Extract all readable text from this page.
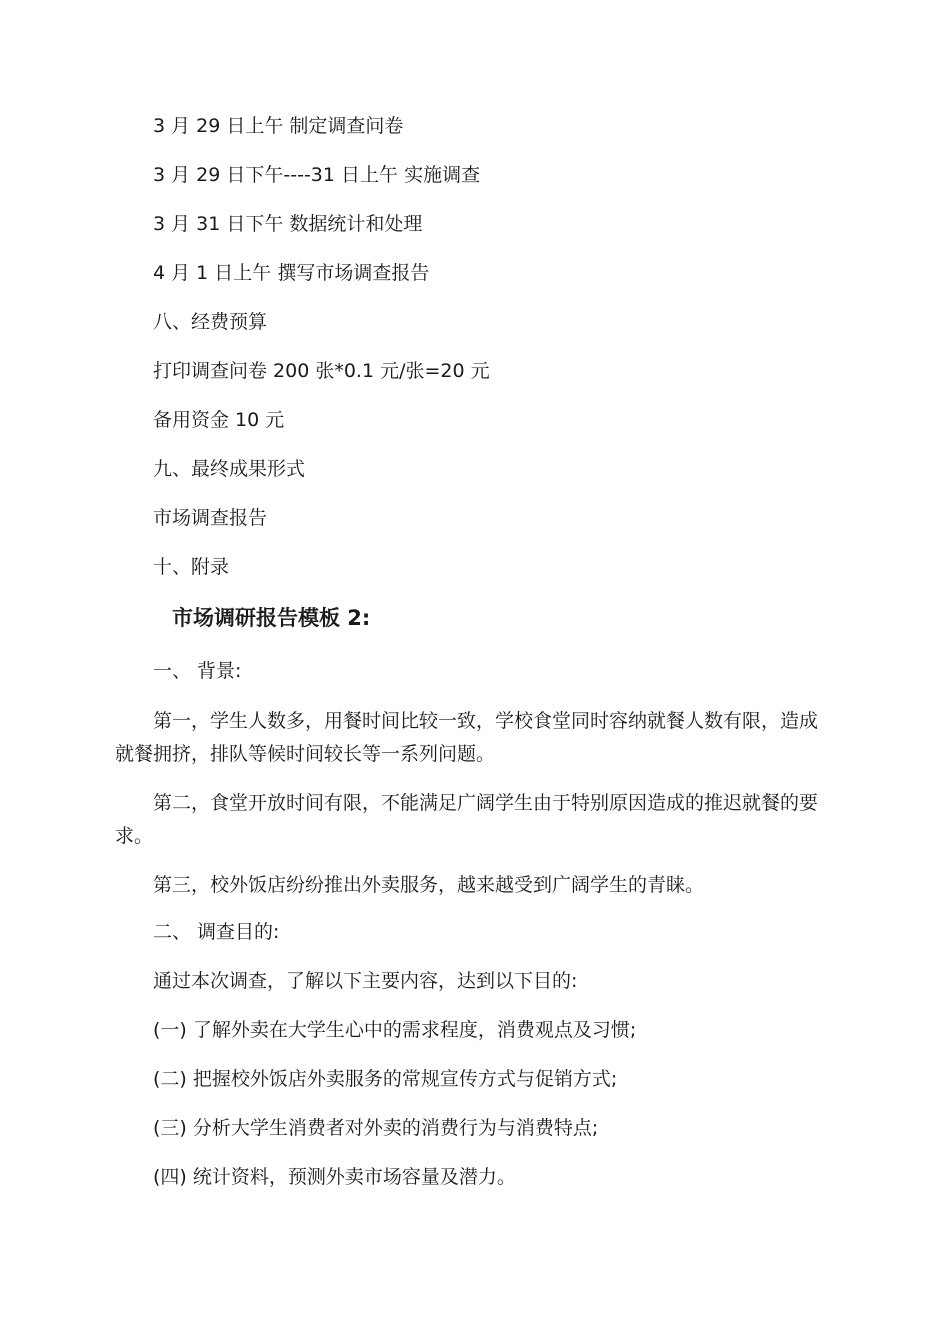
3 月 29 日上午 制定调查问卷
3 月 29 日下午----31 日上午 实施调查
3 月 31 日下午 数据统计和处理
4 月 1 日上午 撰写市场调查报告
八、经费预算
打印调查问卷 200 张*0.1 元/张=20 元
备用资金 10 元
九、最终成果形式
市场调查报告
十、附录
市场调研报告模板 2:
一、 背景:
第一，学生人数多，用餐时间比较一致，学校食堂同时容纳就餐人数有限，造成就餐拥挤，排队等候时间较长等一系列问题。
第二，食堂开放时间有限，不能满足广阔学生由于特别原因造成的推迟就餐的要求。
第三，校外饭店纷纷推出外卖服务，越来越受到广阔学生的青睐。
二、 调查目的:
通过本次调查，了解以下主要内容，达到以下目的:
(一) 了解外卖在大学生心中的需求程度，消费观点及习惯;
(二) 把握校外饭店外卖服务的常规宣传方式与促销方式;
(三) 分析大学生消费者对外卖的消费行为与消费特点;
(四) 统计资料，预测外卖市场容量及潜力。
